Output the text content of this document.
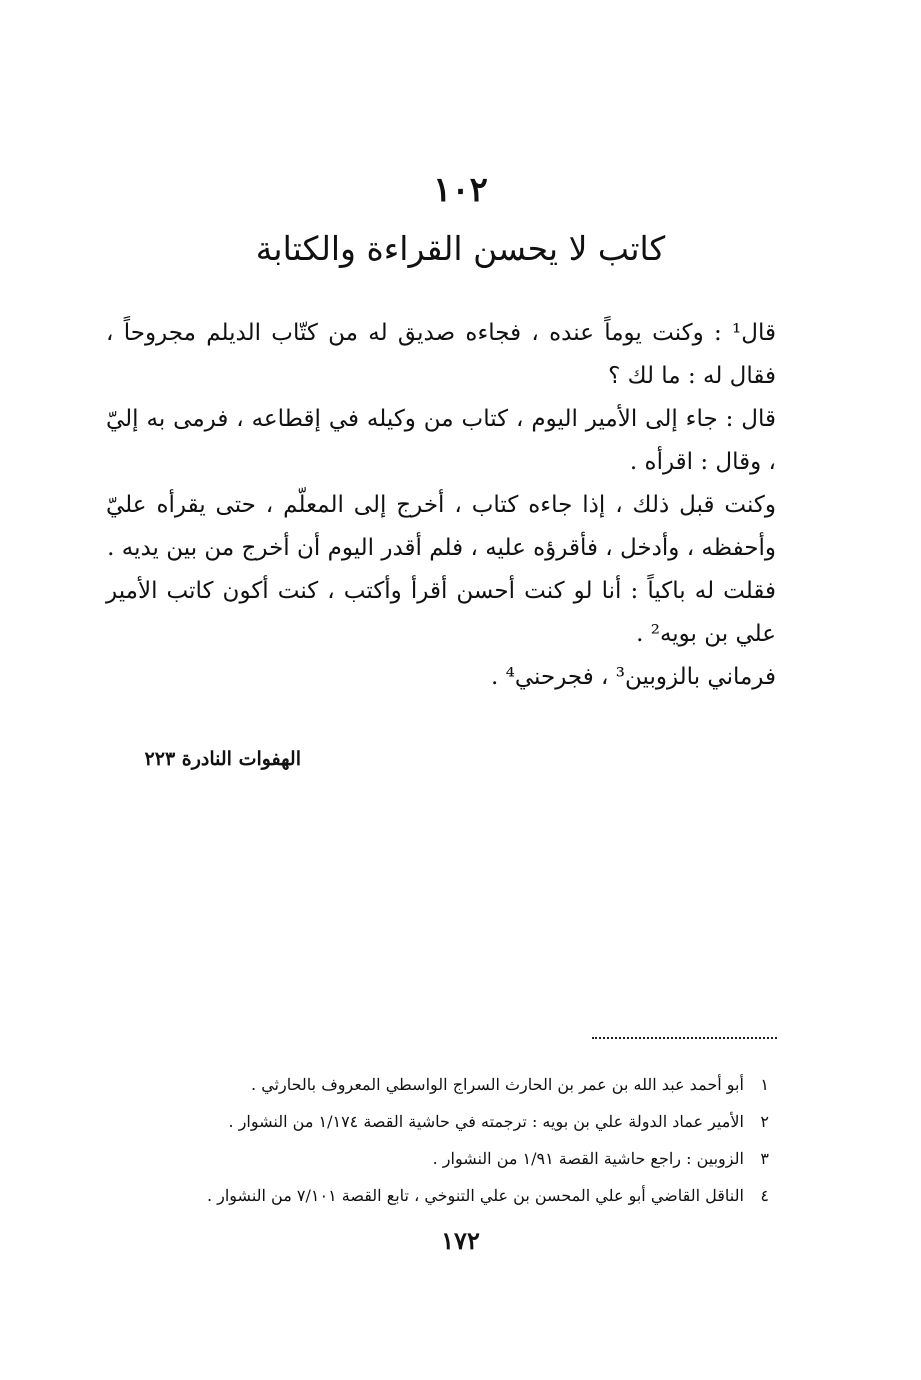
١٠٢
كاتب لا يحسن القراءة والكتابة

قال¹ : وكنت يوماً عنده ، فجاءه صديق له من كتّاب الديلم مجروحاً ، فقال له : ما لك ؟

قال : جاء إلى الأمير اليوم ، كتاب من وكيله في إقطاعه ، فرمى به إليّ ، وقال : اقرأه .

وكنت قبل ذلك ، إذا جاءه كتاب ، أخرج إلى المعلّم ، حتى يقرأه عليّ وأحفظه ، وأدخل ، فأقرؤه عليه ، فلم أقدر اليوم أن أخرج من بين يديه .

فقلت له باكياً : أنا لو كنت أحسن أقرأ وأكتب ، كنت أكون كاتب الأمير علي بن بويه² .

فرماني بالزوبين³ ، فجرحني⁴ .

الهفوات النادرة ٢٢٣
١ أبو أحمد عبد الله بن عمر بن الحارث السراج الواسطي المعروف بالحارثي .
٢ الأمير عماد الدولة علي بن بويه : ترجمته في حاشية القصة ١/١٧٤ من النشوار .
٣ الزوبين : راجع حاشية القصة ١/٩١ من النشوار .
٤ الناقل القاضي أبو علي المحسن بن علي التنوخي ، تابع القصة ٧/١٠١ من النشوار .
١٧٢
